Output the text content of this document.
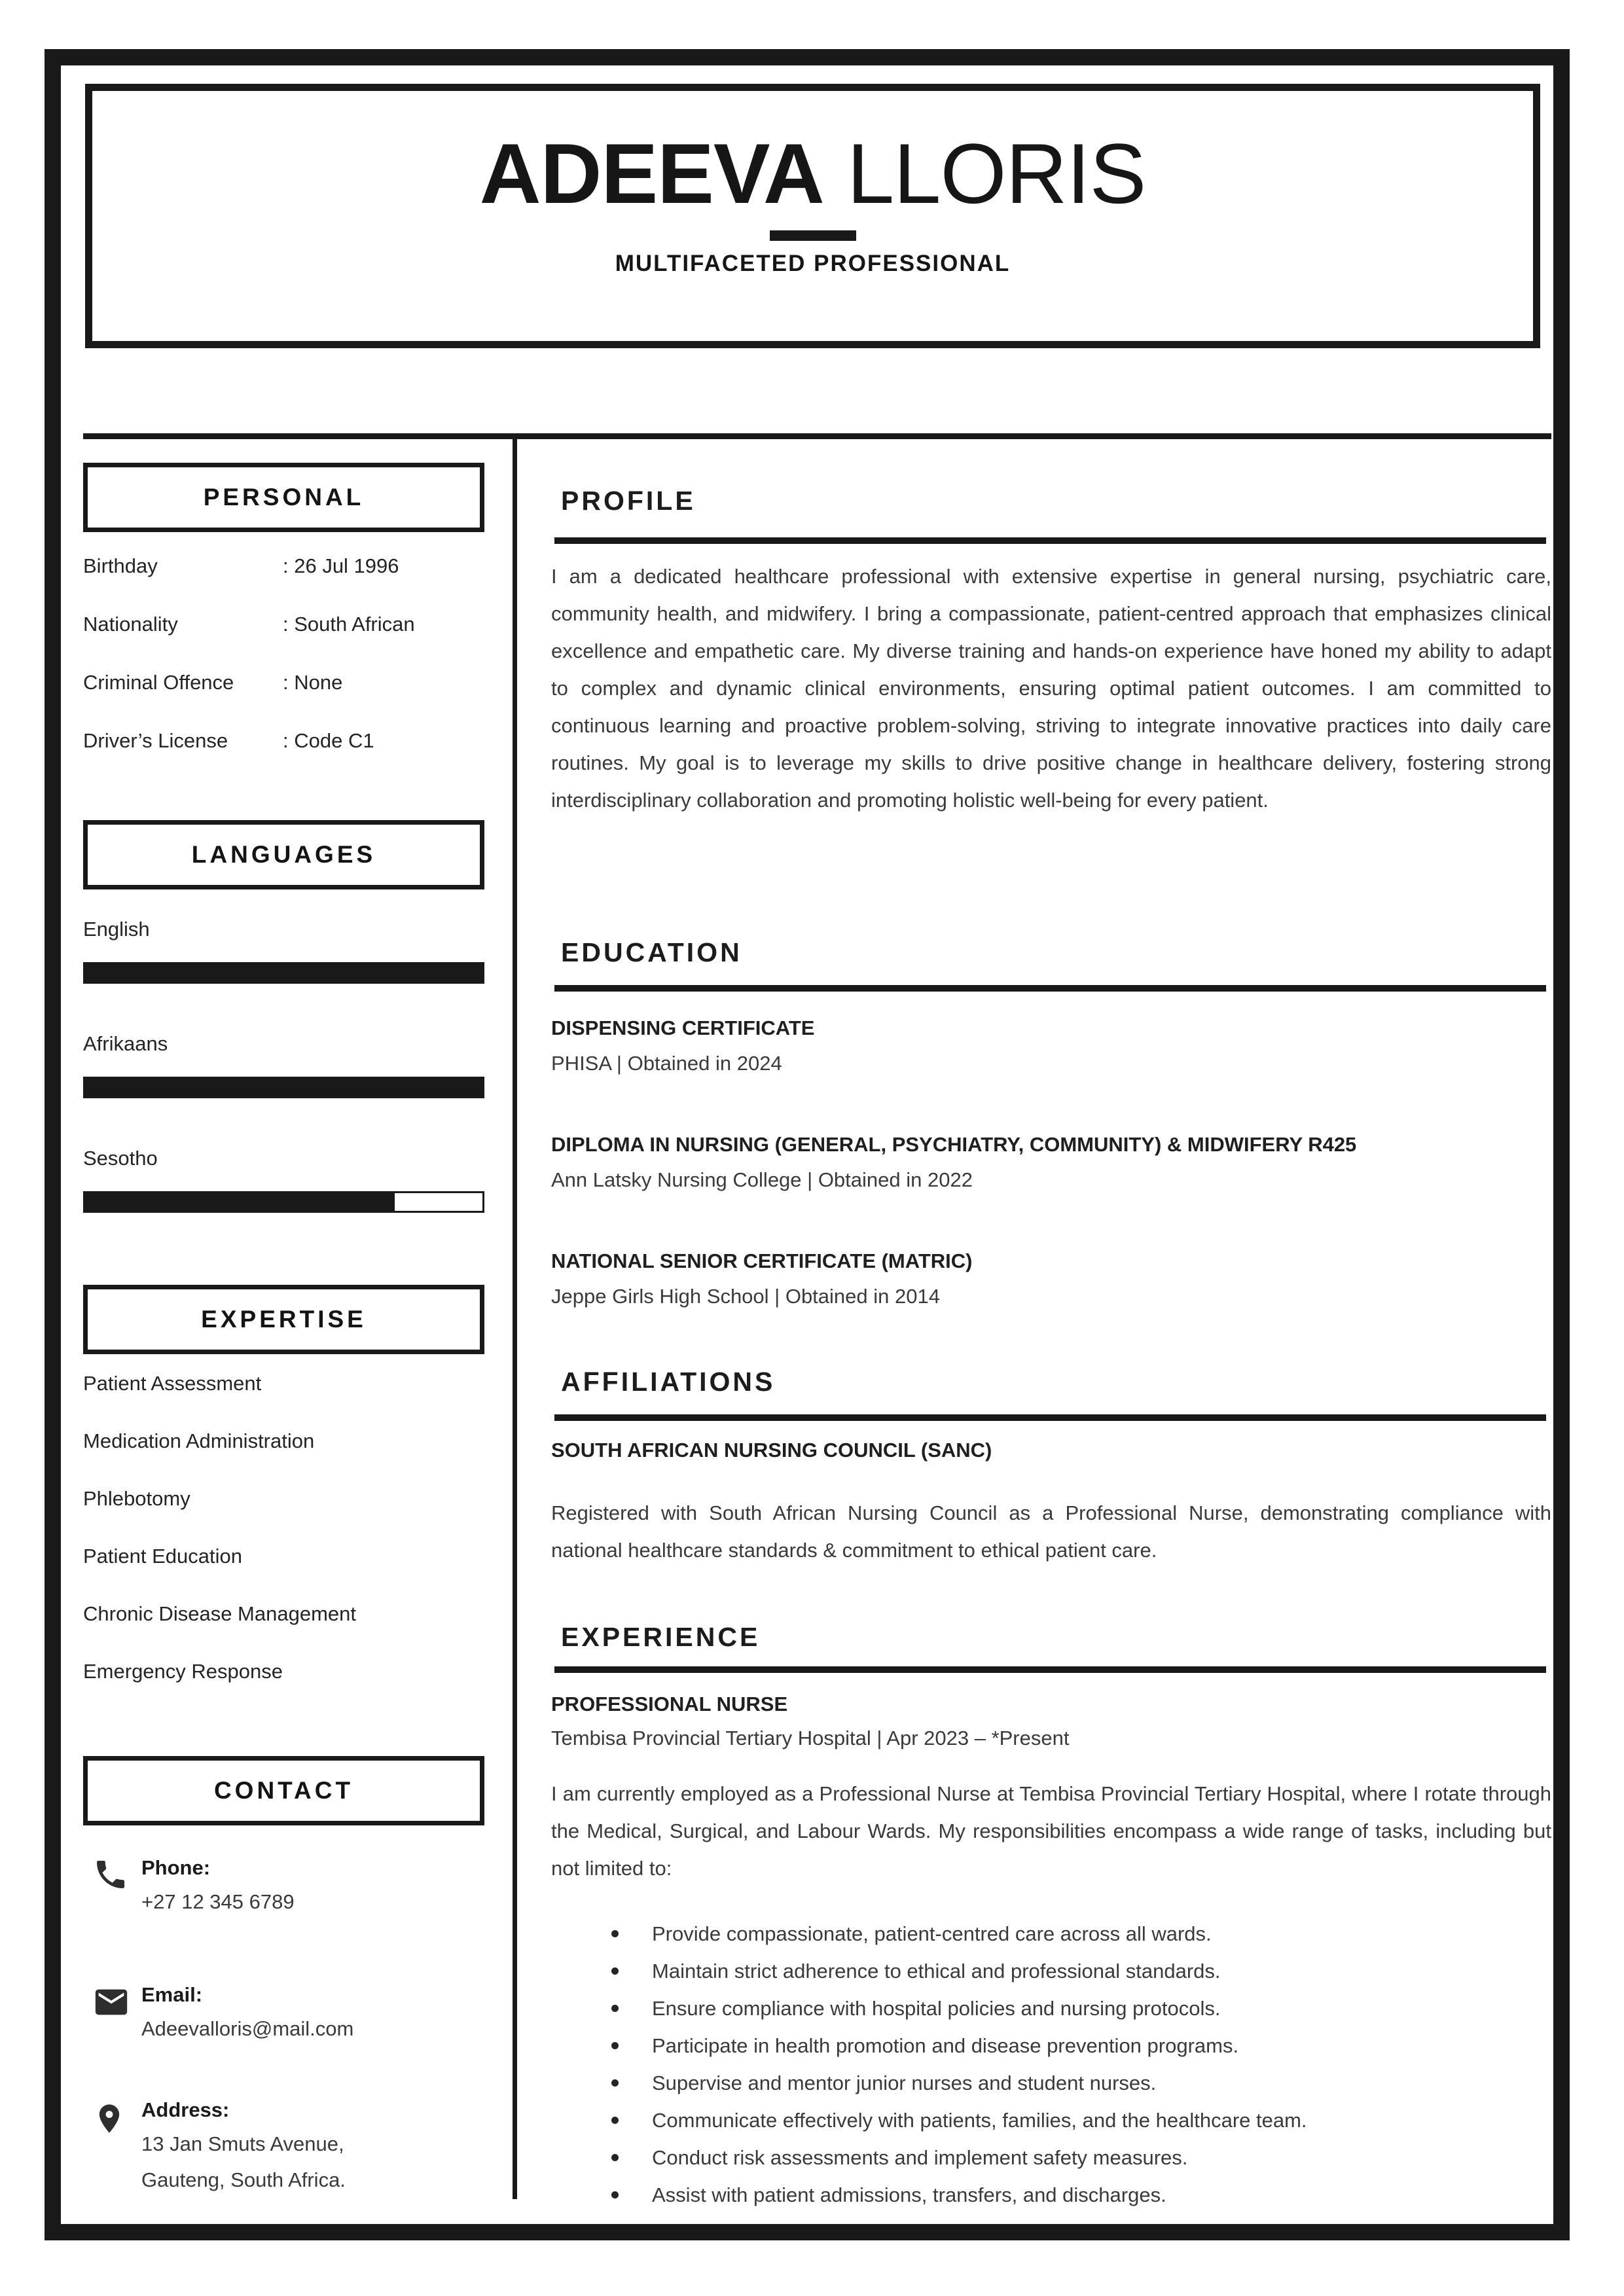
ADEEVA LLORIS
MULTIFACETED PROFESSIONAL
PERSONAL
Birthday	: 26 Jul 1996
Nationality	: South African
Criminal Offence	: None
Driver’s License	: Code C1
LANGUAGES
English
Afrikaans
Sesotho
EXPERTISE
Patient Assessment
Medication Administration
Phlebotomy
Patient Education
Chronic Disease Management
Emergency Response
CONTACT
Phone:
+27 12 345 6789
Email:
Adeevalloris@mail.com
Address:
13 Jan Smuts Avenue,
Gauteng, South Africa.
PROFILE

I am a dedicated healthcare professional with extensive expertise in general nursing, psychiatric care, community health, and midwifery. I bring a compassionate, patient-centred approach that emphasizes clinical excellence and empathetic care. My diverse training and hands-on experience have honed my ability to adapt to complex and dynamic clinical environments, ensuring optimal patient outcomes. I am committed to continuous learning and proactive problem-solving, striving to integrate innovative practices into daily care routines. My goal is to leverage my skills to drive positive change in healthcare delivery, fostering strong interdisciplinary collaboration and promoting holistic well-being for every patient.

EDUCATION
DISPENSING CERTIFICATE
PHISA | Obtained in 2024
DIPLOMA IN NURSING (GENERAL, PSYCHIATRY, COMMUNITY) & MIDWIFERY R425
Ann Latsky Nursing College | Obtained in 2022
NATIONAL SENIOR CERTIFICATE (MATRIC)
Jeppe Girls High School | Obtained in 2014
AFFILIATIONS
SOUTH AFRICAN NURSING COUNCIL (SANC)

Registered with South African Nursing Council as a Professional Nurse, demonstrating compliance with national healthcare standards & commitment to ethical patient care.

EXPERIENCE
PROFESSIONAL NURSE
Tembisa Provincial Tertiary Hospital | Apr 2023 – *Present

I am currently employed as a Professional Nurse at Tembisa Provincial Tertiary Hospital, where I rotate through the Medical, Surgical, and Labour Wards. My responsibilities encompass a wide range of tasks, including but not limited to:

Provide compassionate, patient-centred care across all wards.
Maintain strict adherence to ethical and professional standards.
Ensure compliance with hospital policies and nursing protocols.
Participate in health promotion and disease prevention programs.
Supervise and mentor junior nurses and student nurses.
Communicate effectively with patients, families, and the healthcare team.
Conduct risk assessments and implement safety measures.
Assist with patient admissions, transfers, and discharges.
